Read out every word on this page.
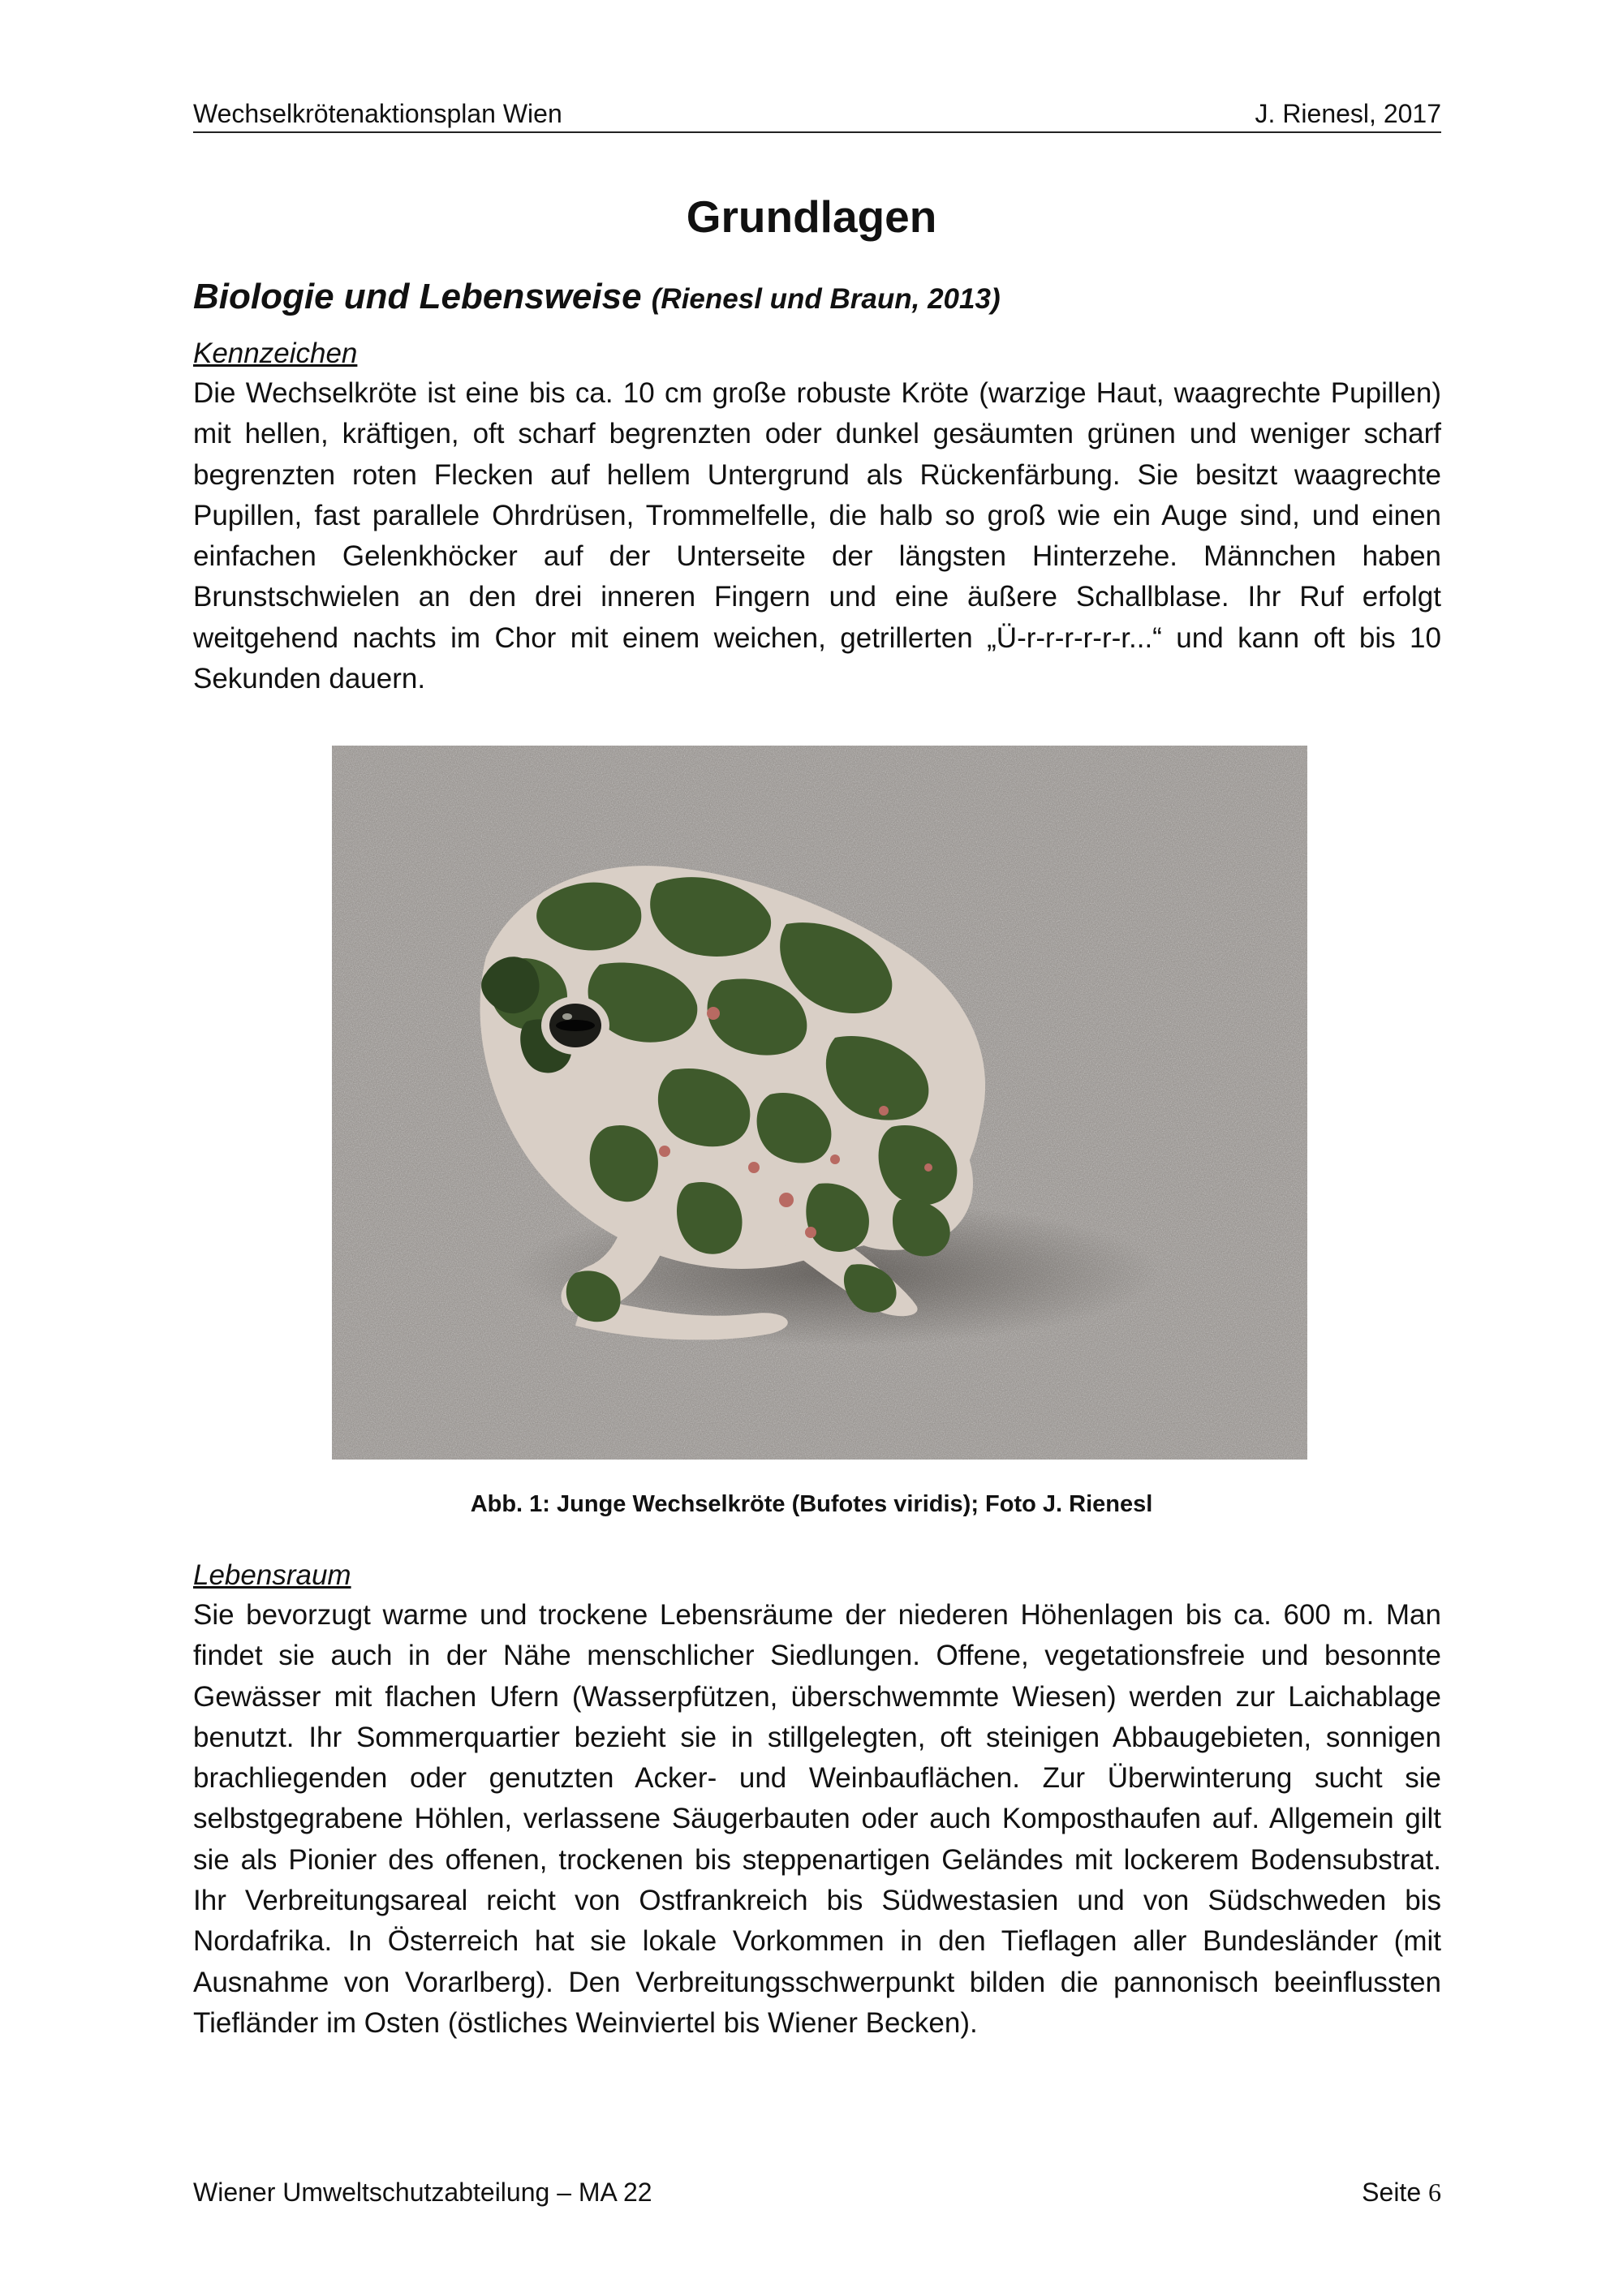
Wechselkrötenaktionsplan Wien	J. Rienesl, 2017
Grundlagen
Biologie und Lebensweise (Rienesl und Braun, 2013)
Kennzeichen

Die Wechselkröte ist eine bis ca. 10 cm große robuste Kröte (warzige Haut, waagrechte Pupillen) mit hellen, kräftigen, oft scharf begrenzten oder dunkel gesäumten grünen und weniger scharf begrenzten roten Flecken auf hellem Untergrund als Rückenfärbung. Sie besitzt waagrechte Pupillen, fast parallele Ohrdrüsen, Trommelfelle, die halb so groß wie ein Auge sind, und einen einfachen Gelenkhöcker auf der Unterseite der längsten Hinterzehe. Männchen haben Brunstschwielen an den drei inneren Fingern und eine äußere Schallblase. Ihr Ruf erfolgt weitgehend nachts im Chor mit einem weichen, getrillerten „Ü-r-r-r-r-r-r...“ und kann oft bis 10 Sekunden dauern.

Abb. 1: Junge Wechselkröte (Bufotes viridis); Foto J. Rienesl
Lebensraum

Sie bevorzugt warme und trockene Lebensräume der niederen Höhenlagen bis ca. 600 m. Man findet sie auch in der Nähe menschlicher Siedlungen. Offene, vegetationsfreie und besonnte Gewässer mit flachen Ufern (Wasserpfützen, überschwemmte Wiesen) werden zur Laichablage benutzt. Ihr Sommerquartier bezieht sie in stillgelegten, oft steinigen Abbaugebieten, sonnigen brachliegenden oder genutzten Acker- und Weinbauflächen. Zur Überwinterung sucht sie selbstgegrabene Höhlen, verlassene Säugerbauten oder auch Komposthaufen auf. Allgemein gilt sie als Pionier des offenen, trockenen bis steppenartigen Geländes mit lockerem Bodensubstrat. Ihr Verbreitungsareal reicht von Ostfrankreich bis Südwestasien und von Südschweden bis Nordafrika. In Österreich hat sie lokale Vorkommen in den Tieflagen aller Bundesländer (mit Ausnahme von Vorarlberg). Den Verbreitungsschwerpunkt bilden die pannonisch beeinflussten Tiefländer im Osten (östliches Weinviertel bis Wiener Becken).

Wiener Umweltschutzabteilung – MA 22	Seite 6
